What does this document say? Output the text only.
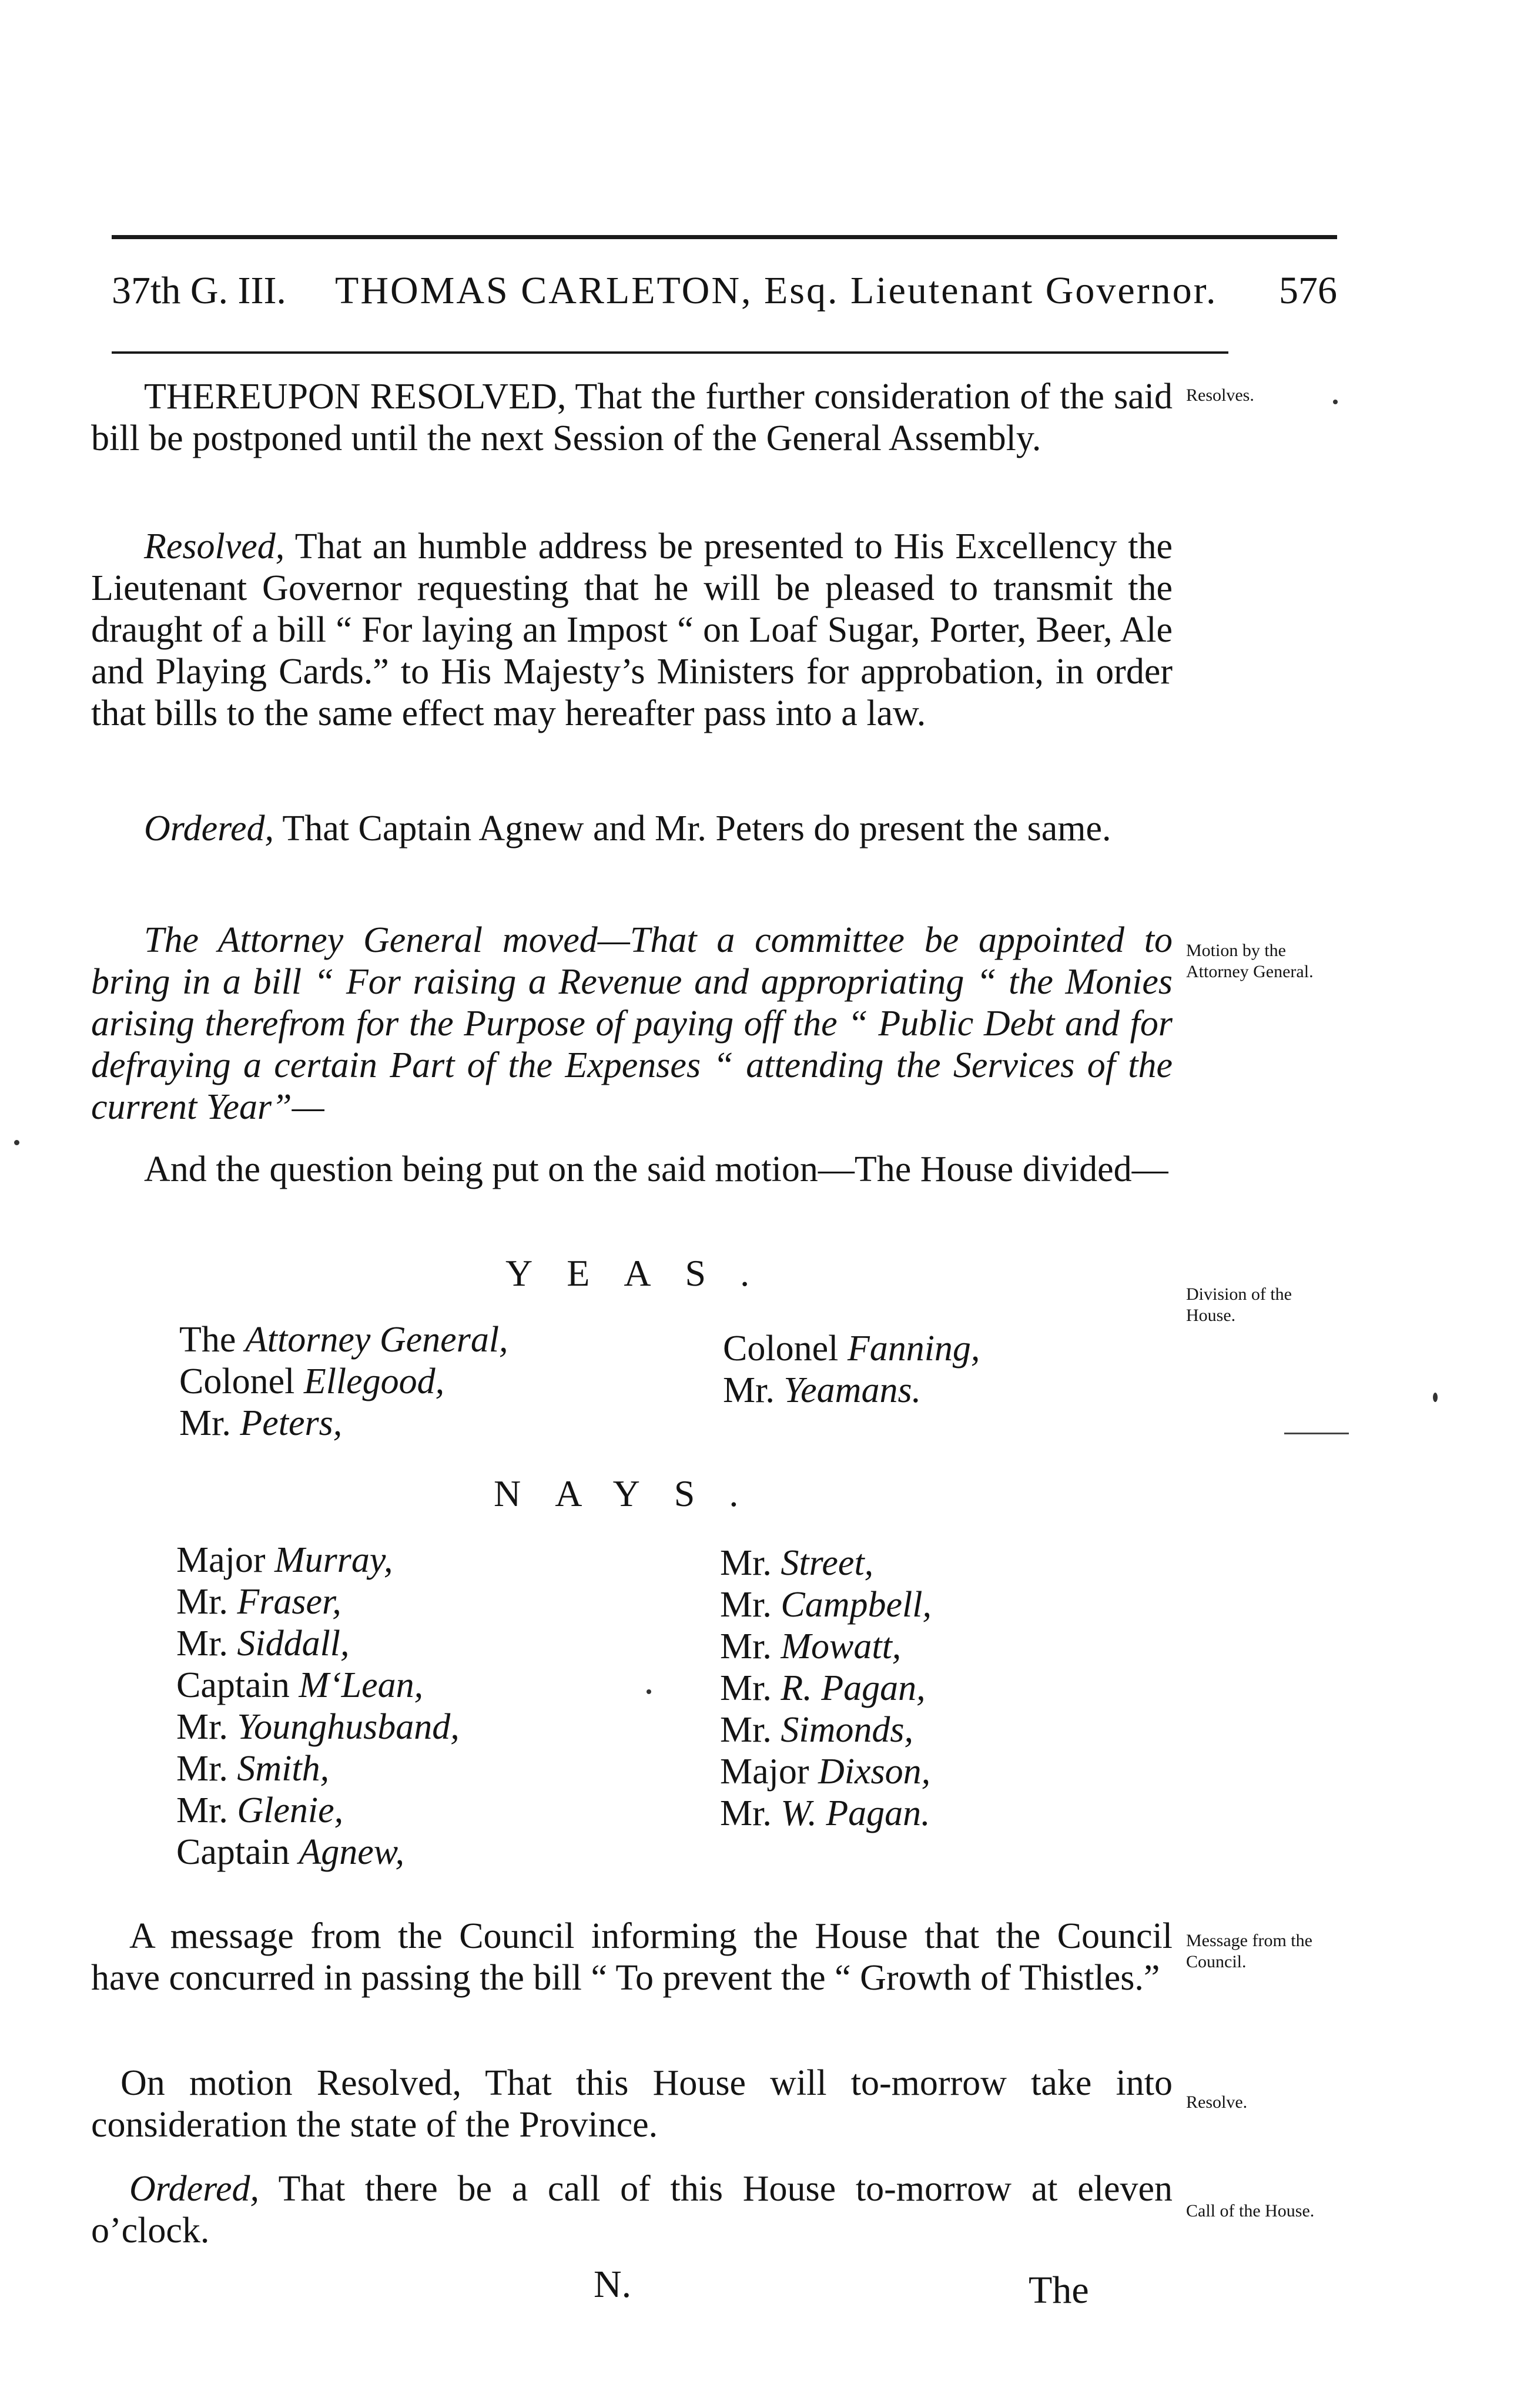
37th G. III. THOMAS CARLETON, Esq. Lieutenant Governor. 576

THEREUPON RESOLVED, That the further consideration of the said bill be postponed until the next Session of the General Assembly.

Resolves.

Resolved, That an humble address be presented to His Excellency the Lieutenant Governor requesting that he will be pleased to transmit the draught of a bill “ For laying an Impost “ on Loaf Sugar, Porter, Beer, Ale and Playing Cards.” to His Majesty’s Ministers for approbation, in order that bills to the same effect may hereafter pass into a law.

Ordered, That Captain Agnew and Mr. Peters do present the same.

The Attorney General moved—That a committee be appointed to bring in a bill “ For raising a Revenue and appropriating “ the Monies arising therefrom for the Purpose of paying off the “ Public Debt and for defraying a certain Part of the Expenses “ attending the Services of the current Year”—

Motion by the Attorney General.

And the question being put on the said motion—The House divided—

YEAS.
Division of the House.
The Attorney General,
Colonel Ellegood,
Mr. Peters,
Colonel Fanning,
Mr. Yeamans.
NAYS.
Major Murray,
Mr. Fraser,
Mr. Siddall,
Captain M‘Lean,
Mr. Younghusband,
Mr. Smith,
Mr. Glenie,
Captain Agnew,
Mr. Street,
Mr. Campbell,
Mr. Mowatt,
Mr. R. Pagan,
Mr. Simonds,
Major Dixson,
Mr. W. Pagan.

A message from the Council informing the House that the Council have concurred in passing the bill “ To prevent the “ Growth of Thistles.”

Message from the Council.

On motion Resolved, That this House will to-morrow take into consideration the state of the Province.

Resolve.

Ordered, That there be a call of this House to-morrow at eleven o’clock.	Call of the House.
N.	The
